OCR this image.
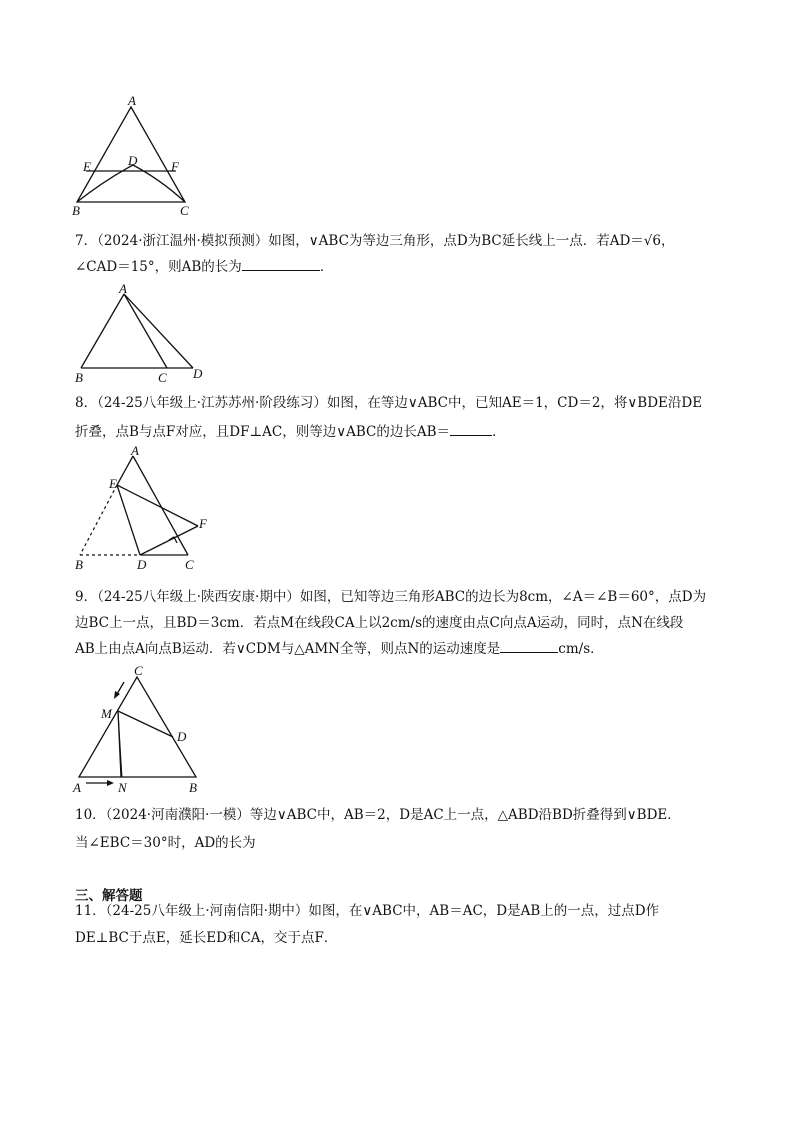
A
E	D	F
B	C
7．（2024·浙江温州·模拟预测）如图，∨ABC为等边三角形，点D为BC延长线上一点．若AD＝√6，
∠CAD＝15°，则AB的长为	．
A
B	C D
8．（24-25八年级上·江苏苏州·阶段练习）如图，在等边∨ABC中，已知AE＝1，CD＝2，将∨BDE沿DE
折叠，点B与点F对应，且DF⊥AC，则等边∨ABC的边长AB＝	．
A
E
F
B	D	C
9．（24-25八年级上·陕西安康·期中）如图，已知等边三角形ABC的边长为8cm，∠A＝∠B＝60°，点D为
边BC上一点，且BD＝3cm．若点M在线段CA上以2cm/s的速度由点C向点A运动，同时，点N在线段
AB上由点A向点B运动．若∨CDM与△AMN全等，则点N的运动速度是	cm/s．
C
M
D
A	N	B
10．（2024·河南濮阳·一模）等边∨ABC中，AB＝2，D是AC上一点，△ABD沿BD折叠得到∨BDE．
当∠EBC＝30°时，AD的长为
三、解答题
11．（24-25八年级上·河南信阳·期中）如图，在∨ABC中，AB＝AC，D是AB上的一点，过点D作
DE⊥BC于点E，延长ED和CA，交于点F．
